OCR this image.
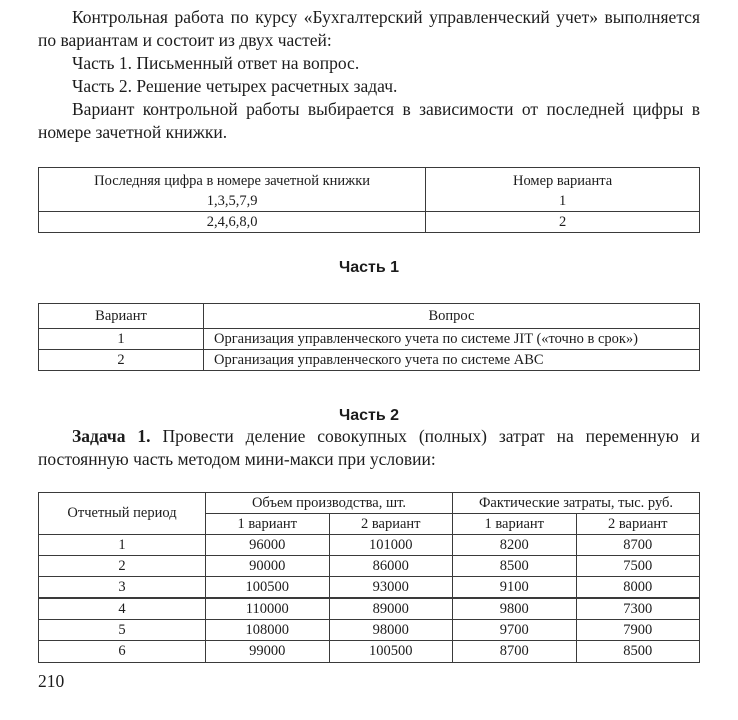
Контрольная работа по курсу «Бухгалтерский управленческий учет» выполняется по вариантам и состоит из двух частей:

Часть 1. Письменный ответ на вопрос.

Часть 2. Решение четырех расчетных задач.

Вариант контрольной работы выбирается в зависимости от последней цифры в номере зачетной книжки.

Последняя цифра в номере зачетной книжки	Номер варианта
1,3,5,7,9	1
2,4,6,8,0	2
Часть 1
Вариант	Вопрос
1	Организация управленческого учета по системе JIT («точно в срок»)
2	Организация управленческого учета по системе ABC
Часть 2

Задача 1. Провести деление совокупных (полных) затрат на переменную и постоянную часть методом мини-макси при условии:

Отчетный период	Объем производства, шт.		Фактические затраты, тыс. руб.	
	1 вариант	2 вариант	1 вариант	2 вариант
1	96000	101000	8200	8700
2	90000	86000	8500	7500
3	100500	93000	9100	8000
4	110000	89000	9800	7300
5	108000	98000	9700	7900
6	99000	100500	8700	8500
210
